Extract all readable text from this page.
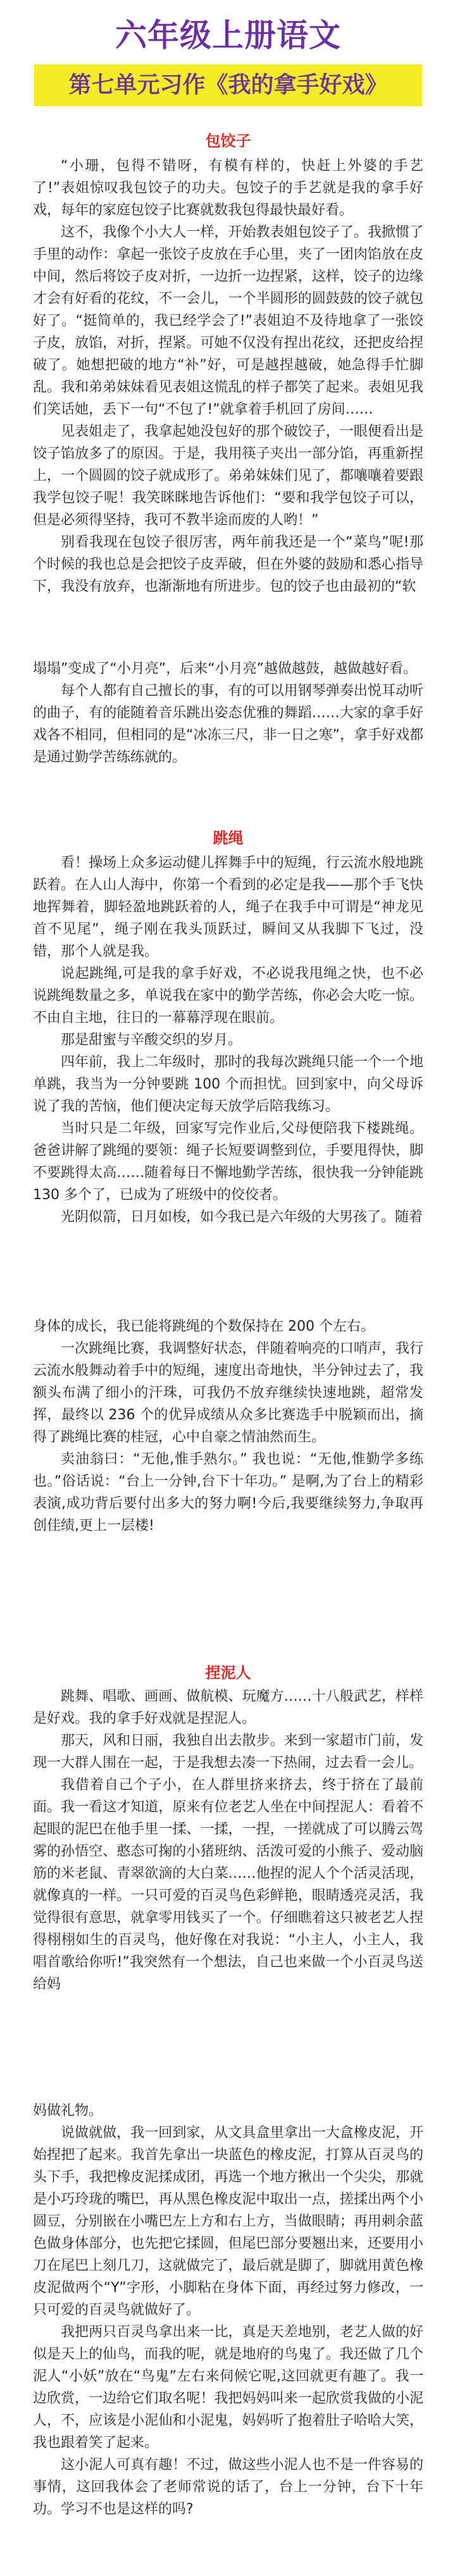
六年级上册语文
第七单元习作《我的拿手好戏》
包饺子

“小珊，包得不错呀，有模有样的，快赶上外婆的手艺了!”表姐惊叹我包饺子的功夫。包饺子的手艺就是我的拿手好戏，每年的家庭包饺子比赛就数我包得最快最好看。

这不，我像个小大人一样，开始教表姐包饺子了。我掀惯了手里的动作：拿起一张饺子皮放在手心里，夹了一团肉馅放在皮中间，然后将饺子皮对折，一边折一边捏紧，这样，饺子的边缘才会有好看的花纹，不一会儿，一个半圆形的圆鼓鼓的饺子就包好了。“挺简单的，我已经学会了!”表姐迫不及待地拿了一张饺子皮，放馅，对折，捏紧。可她不仅没有捏出花纹，还把皮给捏破了。她想把破的地方“补”好，可是越捏越破，她急得手忙脚乱。我和弟弟妹妹看见表姐这慌乱的样子都笑了起来。表姐见我们笑话她，丢下一句“不包了!”就拿着手机回了房间……

见表姐走了，我拿起她没包好的那个破饺子，一眼便看出是饺子馅放多了的原因。于是，我用筷子夹出一部分馅，再重新捏上，一个圆圆的饺子就成形了。弟弟妹妹们见了，都嚷嚷着要跟我学包饺子呢！我笑眯眯地告诉他们：“要和我学包饺子可以，但是必须得坚持，我可不教半途而废的人哟！”

别看我现在包饺子很厉害，两年前我还是一个“菜鸟”呢!那个时候的我也总是会把饺子皮弄破，但在外婆的鼓励和悉心指导下，我没有放弃，也渐渐地有所进步。包的饺子也由最初的“软

塌塌”变成了“小月亮”，后来“小月亮”越做越鼓，越做越好看。

每个人都有自己擅长的事，有的可以用钢琴弹奏出悦耳动听的曲子，有的能随着音乐跳出姿态优雅的舞蹈……大家的拿手好戏各不相同，但相同的是“冰冻三尺，非一日之寒”，拿手好戏都是通过勤学苦练练就的。

跳绳

看！操场上众多运动健儿挥舞手中的短绳，行云流水般地跳跃着。在人山人海中，你第一个看到的必定是我——那个手飞快地挥舞着，脚轻盈地跳跃着的人，绳子在我手中可谓是“神龙见首不见尾”，绳子刚在我头顶跃过，瞬间又从我脚下飞过，没错，那个人就是我。

说起跳绳,可是我的拿手好戏，不必说我甩绳之快，也不必说跳绳数量之多，单说我在家中的勤学苦练，你必会大吃一惊。不由自主地，往日的一幕幕浮现在眼前。

那是甜蜜与辛酸交织的岁月。

四年前，我上二年级时，那时的我每次跳绳只能一个一个地单跳，我当为一分钟要跳 100 个而担忧。回到家中，向父母诉说了我的苦恼，他们便决定每天放学后陪我练习。

当时只是二年级，回家写完作业后,父母便陪我下楼跳绳。爸爸讲解了跳绳的要领：绳子长短要调整到位，手要甩得快，脚不要跳得太高……随着每日不懈地勤学苦练，很快我一分钟能跳 130 多个了，已成为了班级中的佼佼者。

光阴似箭，日月如梭，如今我已是六年级的大男孩了。随着

身体的成长，我已能将跳绳的个数保持在 200 个左右。

一次跳绳比赛，我调整好状态，伴随着响亮的口哨声，我行云流水般舞动着手中的短绳，速度出奇地快，半分钟过去了，我额头布满了细小的汗珠，可我仍不放弃继续快速地跳，超常发挥，最终以 236 个的优异成绩从众多比赛选手中脱颖而出，摘得了跳绳比赛的桂冠，心中自豪之情油然而生。

卖油翁曰：“无他,惟手熟尔。” 我也说：“无他,惟勤学多练也。”俗话说：“台上一分钟,台下十年功。” 是啊,为了台上的精彩表演,成功背后要付出多大的努力啊!今后,我要继续努力,争取再创佳绩,更上一层楼!

捏泥人

跳舞、唱歌、画画、做航模、玩魔方……十八般武艺，样样是好戏。我的拿手好戏就是捏泥人。

那天，风和日丽，我独自出去散步。来到一家超市门前，发现一大群人围在一起，于是我想去凑一下热闹，过去看一会儿。

我借着自己个子小，在人群里挤来挤去，终于挤在了最前面。我一看这才知道，原来有位老艺人坐在中间捏泥人：看着不起眼的泥巴在他手里一揉、一揉，一捏，一搓就成了可以腾云驾雾的孙悟空、憨态可掬的小猪班纳、活泼可爱的小熊子、爱动脑筋的米老鼠、青翠欲滴的大白菜……他捏的泥人个个活灵活现，就像真的一样。一只可爱的百灵鸟色彩鲜艳，眼睛透亮灵活，我觉得很有意思，就拿零用钱买了一个。仔细瞧着这只被老艺人捏得栩栩如生的百灵鸟，他好像在对我说：“小主人，小主人，我唱首歌给你听!”我突然有一个想法，自己也来做一个小百灵鸟送给妈

妈做礼物。

说做就做，我一回到家，从文具盒里拿出一大盒橡皮泥，开始捏把了起来。我首先拿出一块蓝色的橡皮泥，打算从百灵鸟的头下手，我把橡皮泥揉成团，再选一个地方揪出一个尖尖，那就是小巧玲珑的嘴巴，再从黑色橡皮泥中取出一点，搓揉出两个小圆豆，分别嵌在小嘴巴左上方和右上方，当做眼睛；再用刺余蓝色做身体部分，也先把它揉圆，但尾巴部分要翘出来，还要用小刀在尾巴上刻几刀，这就做完了，最后就是脚了，脚就用黄色橡皮泥做两个“Y”字形，小脚粘在身体下面，再经过努力修改，一只可爱的百灵鸟就做好了。

我把两只百灵鸟拿出来一比，真是天差地别，老艺人做的好似是天上的仙鸟，而我的呢，就是地府的鸟鬼了。我还做了几个泥人“小妖”放在“鸟鬼”左右来伺候它呢,这回就更有趣了。我一边欣赏，一边给它们取名呢！我把妈妈叫来一起欣赏我做的小泥人，不，应该是小泥仙和小泥鬼，妈妈听了抱着肚子哈哈大笑，我也跟着笑了起来。

这小泥人可真有趣！不过，做这些小泥人也不是一件容易的事情，这回我体会了老师常说的话了，台上一分钟，台下十年功。学习不也是这样的吗?
